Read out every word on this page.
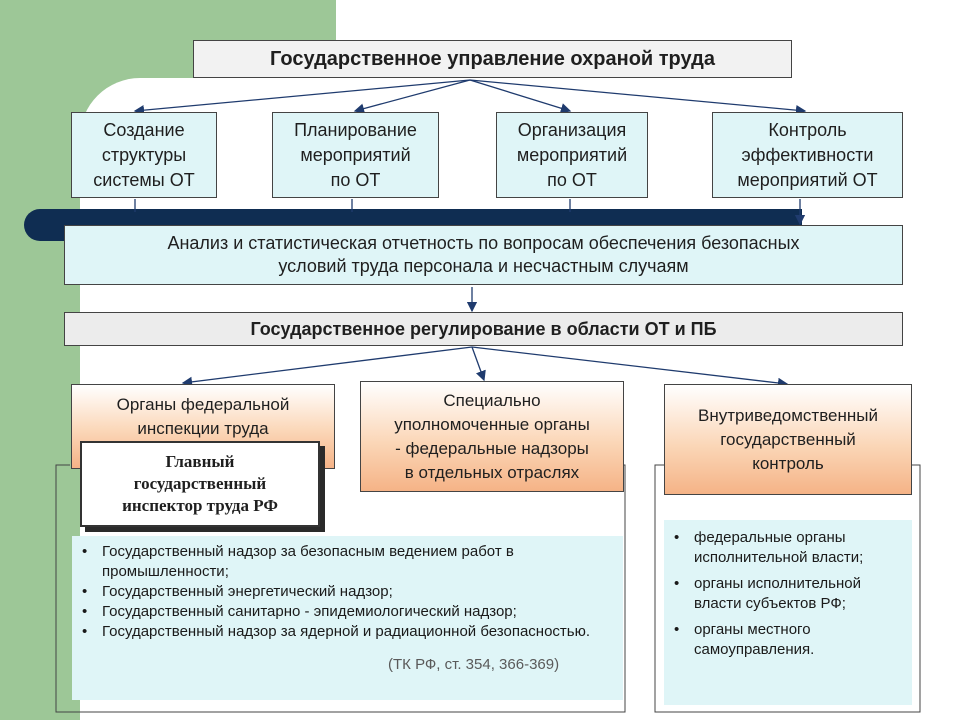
Государственное управление охраной труда
Создание
структуры
системы ОТ
Планирование
мероприятий
по ОТ
Организация
мероприятий
по ОТ
Контроль
эффективности
мероприятий ОТ
Анализ и статистическая отчетность по вопросам обеспечения безопасных
условий труда персонала и несчастным случаям
Государственное регулирование в области ОТ и ПБ
Органы федеральной
инспекции труда
Специально
уполномоченные органы
- федеральные надзоры
в отдельных отраслях
Внутриведомственный
государственный
контроль
Главный
государственный
инспектор труда РФ
• Государственный надзор за безопасным ведением работ в промышленности;
• Государственный энергетический надзор;
• Государственный санитарно - эпидемиологический надзор;
• Государственный надзор за ядерной и радиационной безопасностью.
• федеральные органы исполнительной власти;
• органы исполнительной власти субъектов РФ;
• органы местного самоуправления.
(ТК РФ, ст. 354, 366-369)
